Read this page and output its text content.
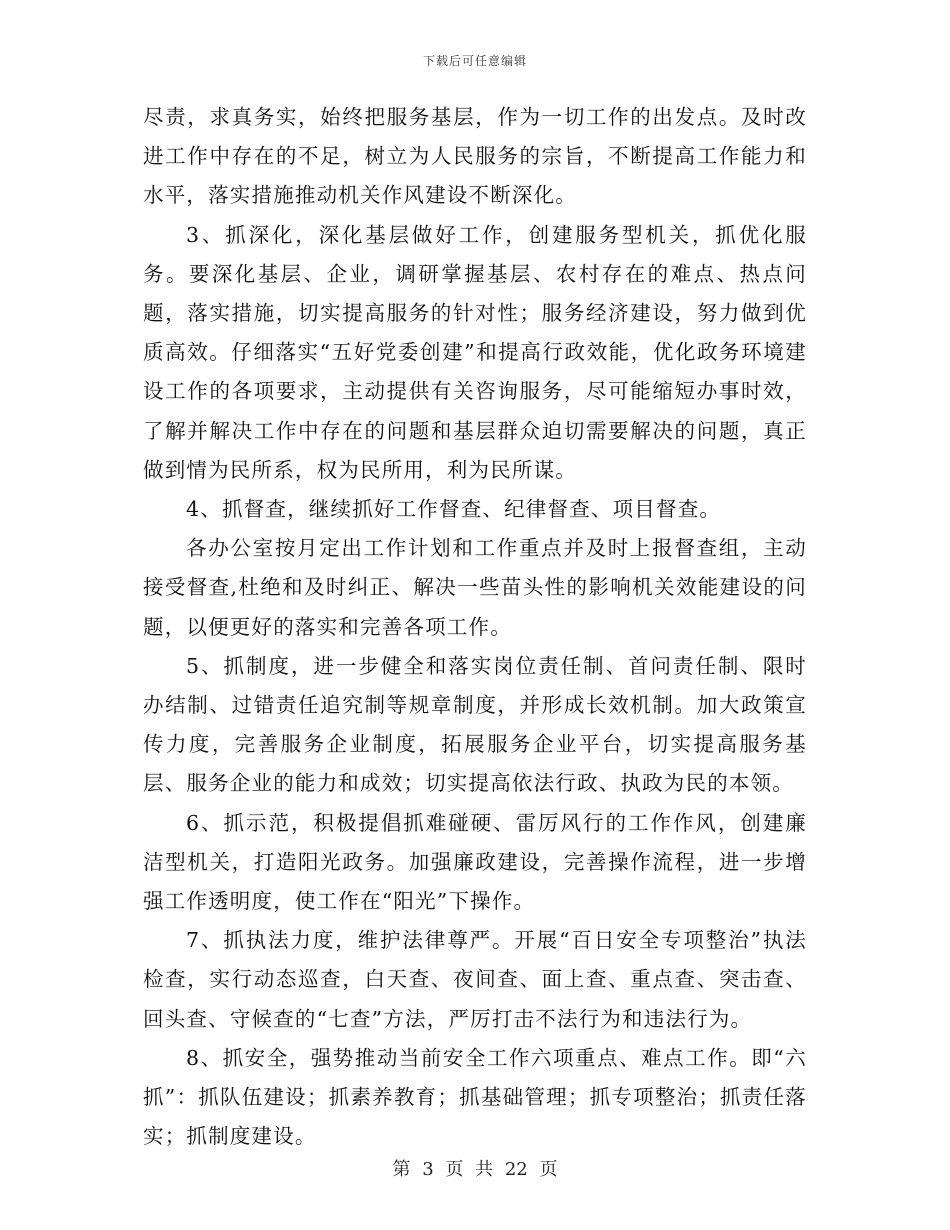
下载后可任意编辑

尽责，求真务实，始终把服务基层，作为一切工作的出发点。及时改进工作中存在的不足，树立为人民服务的宗旨，不断提高工作能力和水平，落实措施推动机关作风建设不断深化。

3、抓深化，深化基层做好工作，创建服务型机关，抓优化服务。要深化基层、企业，调研掌握基层、农村存在的难点、热点问题，落实措施，切实提高服务的针对性；服务经济建设，努力做到优质高效。仔细落实“五好党委创建”和提高行政效能，优化政务环境建设工作的各项要求，主动提供有关咨询服务，尽可能缩短办事时效，了解并解决工作中存在的问题和基层群众迫切需要解决的问题，真正做到情为民所系，权为民所用，利为民所谋。

4、抓督查，继续抓好工作督查、纪律督查、项目督查。

各办公室按月定出工作计划和工作重点并及时上报督查组，主动接受督查,杜绝和及时纠正、解决一些苗头性的影响机关效能建设的问题，以便更好的落实和完善各项工作。

5、抓制度，进一步健全和落实岗位责任制、首问责任制、限时办结制、过错责任追究制等规章制度，并形成长效机制。加大政策宣传力度，完善服务企业制度，拓展服务企业平台，切实提高服务基层、服务企业的能力和成效；切实提高依法行政、执政为民的本领。

6、抓示范，积极提倡抓难碰硬、雷厉风行的工作作风，创建廉洁型机关，打造阳光政务。加强廉政建设，完善操作流程，进一步增强工作透明度，使工作在“阳光”下操作。

7、抓执法力度，维护法律尊严。开展“百日安全专项整治”执法检查，实行动态巡查，白天查、夜间查、面上查、重点查、突击查、回头查、守候查的“七查”方法，严厉打击不法行为和违法行为。

8、抓安全，强势推动当前安全工作六项重点、难点工作。即“六抓”：抓队伍建设；抓素养教育；抓基础管理；抓专项整治；抓责任落实；抓制度建设。

第 3 页 共 22 页
